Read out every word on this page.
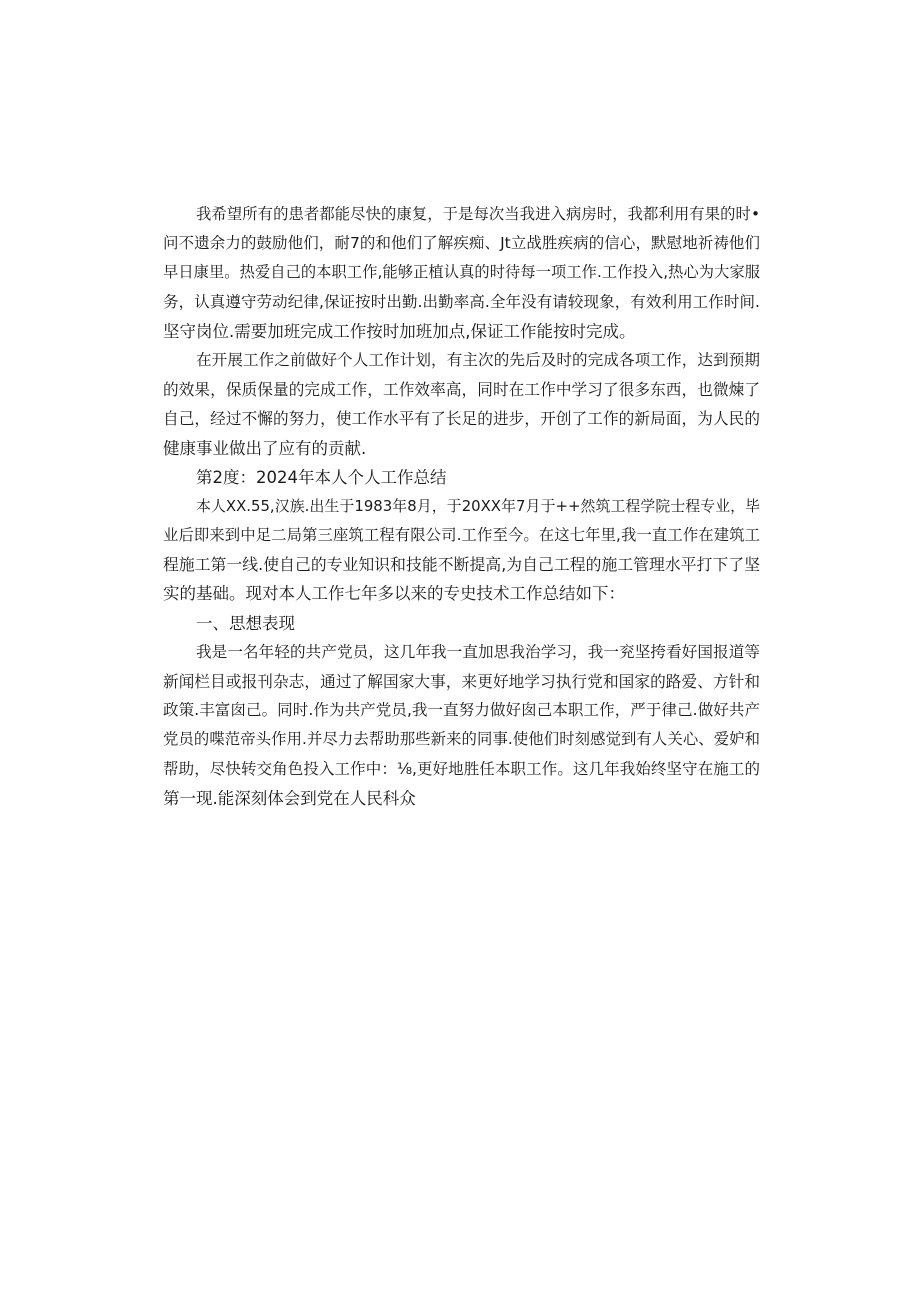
我希望所有的患者都能尽快的康复，于是每次当我进入病房时，我都利用有果的时•
问不遗余力的鼓励他们，耐7的和他们了解疾痴、Jt立战胜疾病的信心，默慰地祈祷他们
早日康里。热爱自己的本职工作,能够正植认真的时待每一项工作.工作投入,热心为大家服
务，认真遵守劳动纪律,保证按时出勤.出勤率高.全年没有请较现象，有效利用工作时间.
坚守岗位.需要加班完成工作按时加班加点,保证工作能按时完成。
在开展工作之前做好个人工作计划，有主次的先后及时的完成各项工作，达到预期
的效果，保质保量的完成工作，工作效率高，同时在工作中学习了很多东西，也微煉了
自己，经过不懈的努力，使工作水平有了长足的进步，开创了工作的新局面，为人民的
健康事业做出了应有的贡献.
第2度：2024年本人个人工作总结
本人XX.55,汉族.出生于1983年8月，于20XX年7月于++然筑工程学院士程专业，毕
业后即来到中足二局第三座筑工程有限公司.工作至今。在这七年里,我一直工作在建筑工
程施工第一线.使自己的专业知识和技能不断提高,为自己工程的施工管理水平打下了坚
实的基础。现对本人工作七年多以来的专史技术工作总结如下：
一、思想表现
我是一名年轻的共产党员，这几年我一直加思我治学习，我一兖坚挎看好国报道等
新闻栏目或报刊杂志，通过了解国家大事，来更好地学习执行党和国家的路爱、方针和
政策.丰富囱己。同时.作为共产党员,我一直努力做好囱己本职工作，严于律己.做好共产
党员的喋范帝头作用.并尽力去帮助那些新来的同事.使他们时刻感觉到有人关心、爱妒和
帮助，尽快转交角色投入工作中：⅛,更好地胜任本职工作。这几年我始终坚守在施工的
第一现.能深刻体会到党在人民科众
